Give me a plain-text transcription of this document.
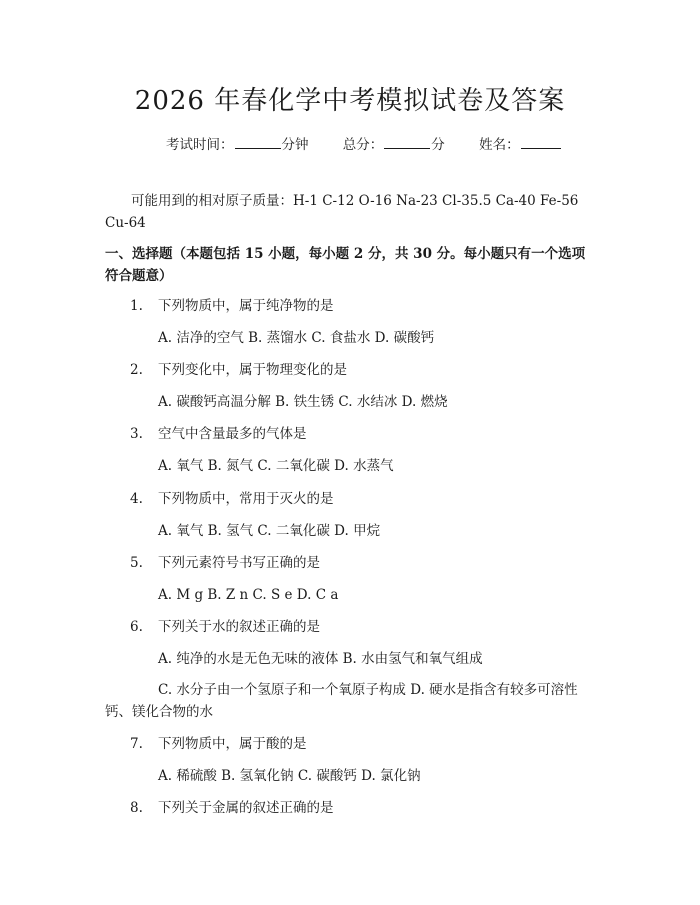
2026 年春化学中考模拟试卷及答案
考试时间：	分钟	总分：	分	姓名：
可能用到的相对原子质量：H-1 C-12 O-16 Na-23 Cl-35.5 Ca-40 Fe-56 Cu-64
一、选择题（本题包括 15 小题，每小题 2 分，共 30 分。每小题只有一个选项符合题意）
1. 下列物质中，属于纯净物的是
A. 洁净的空气 B. 蒸馏水 C. 食盐水 D. 碳酸钙
2. 下列变化中，属于物理变化的是
A. 碳酸钙高温分解 B. 铁生锈 C. 水结冰 D. 燃烧
3. 空气中含量最多的气体是
A. 氧气 B. 氮气 C. 二氧化碳 D. 水蒸气
4. 下列物质中，常用于灭火的是
A. 氧气 B. 氢气 C. 二氧化碳 D. 甲烷
5. 下列元素符号书写正确的是
A. M g B. Z n C. S e D. C a
6. 下列关于水的叙述正确的是
A. 纯净的水是无色无味的液体 B. 水由氢气和氧气组成
C. 水分子由一个氢原子和一个氧原子构成 D. 硬水是指含有较多可溶性钙、镁化合物的水
7. 下列物质中，属于酸的是
A. 稀硫酸 B. 氢氧化钠 C. 碳酸钙 D. 氯化钠
8. 下列关于金属的叙述正确的是
